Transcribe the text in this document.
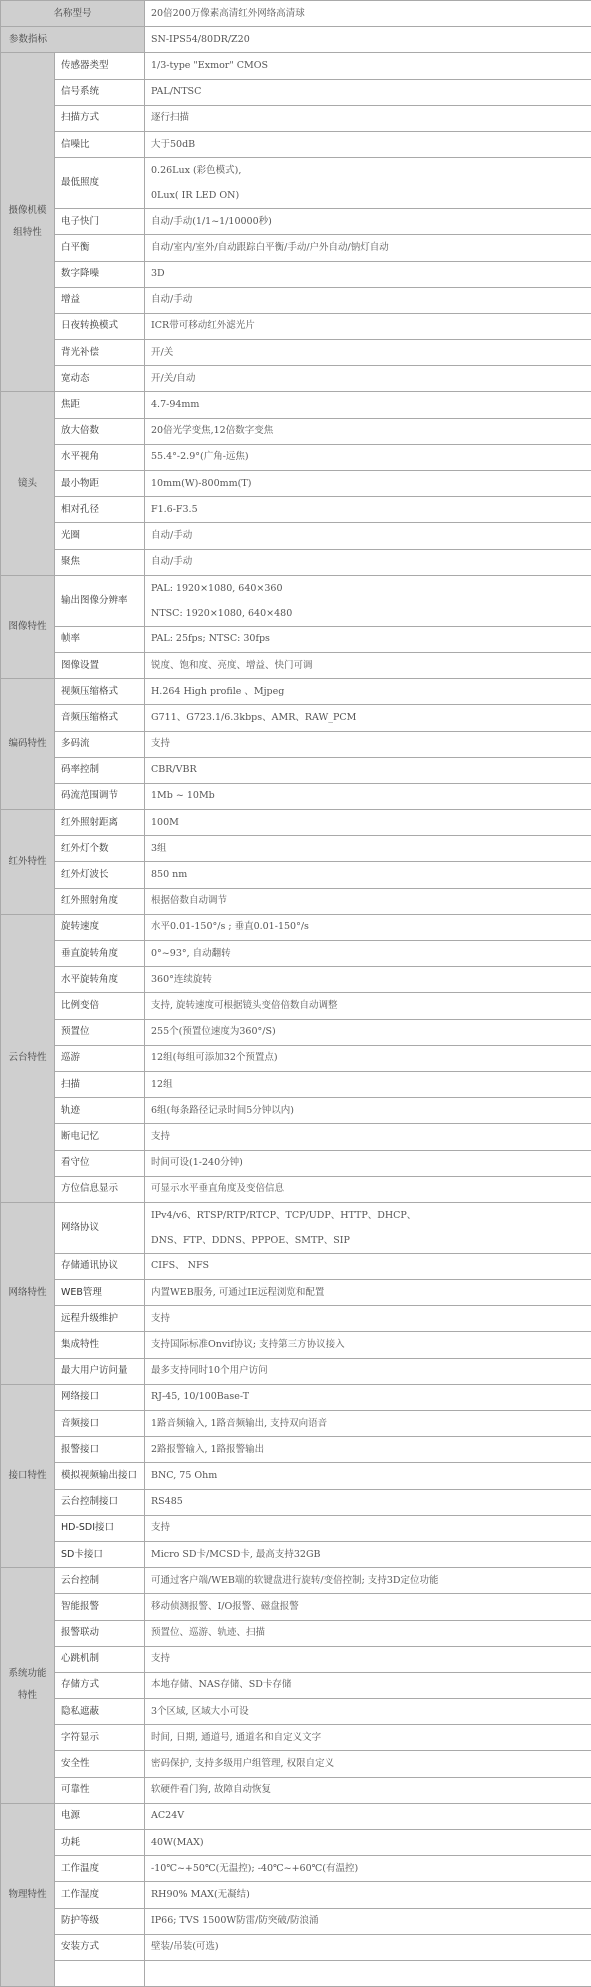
名称型号		20倍200万像素高清红外网络高清球
参数指标		SN-IPS54/80DR/Z20
摄像机模组特性	传感器类型	1/3-type "Exmor" CMOS
	信号系统	PAL/NTSC
	扫描方式	逐行扫描
	信噪比	大于50dB
	最低照度	0.26Lux (彩色模式),
0Lux( IR LED ON)

	电子快门	自动/手动(1/1~1/10000秒)
	白平衡	自动/室内/室外/自动跟踪白平衡/手动/户外自动/钠灯自动
	数字降噪	3D
	增益	自动/手动
	日夜转换模式	ICR带可移动红外滤光片
	背光补偿	开/关
	宽动态	开/关/自动
镜头	焦距	4.7-94mm
	放大倍数	20倍光学变焦,12倍数字变焦
	水平视角	55.4°-2.9°(广角-远焦)
	最小物距	10mm(W)-800mm(T)
	相对孔径	F1.6-F3.5
	光圈	自动/手动
	聚焦	自动/手动
图像特性	输出图像分辨率	PAL: 1920×1080, 640×360
NTSC: 1920×1080, 640×480

	帧率	PAL: 25fps; NTSC: 30fps
	图像设置	锐度、饱和度、亮度、增益、快门可调
编码特性	视频压缩格式	H.264 High profile 、Mjpeg
	音频压缩格式	G711、G723.1/6.3kbps、AMR、RAW_PCM
	多码流	支持
	码率控制	CBR/VBR
	码流范围调节	1Mb ~ 10Mb
红外特性	红外照射距离	100M
	红外灯个数	3组
	红外灯波长	850 nm
	红外照射角度	根据倍数自动调节
云台特性	旋转速度	水平0.01-150°/s ; 垂直0.01-150°/s
	垂直旋转角度	0°~93°, 自动翻转
	水平旋转角度	360°连续旋转
	比例变倍	支持, 旋转速度可根据镜头变倍倍数自动调整
	预置位	255个(预置位速度为360°/S)
	巡游	12组(每组可添加32个预置点)
	扫描	12组
	轨迹	6组(每条路径记录时间5分钟以内)
	断电记忆	支持
	看守位	时间可设(1-240分钟)
	方位信息显示	可显示水平垂直角度及变倍信息
网络特性	网络协议	IPv4/v6、RTSP/RTP/RTCP、TCP/UDP、HTTP、DHCP、
DNS、FTP、DDNS、PPPOE、SMTP、SIP

	存储通讯协议	CIFS、 NFS
	WEB管理	内置WEB服务, 可通过IE远程浏览和配置
	远程升级维护	支持
	集成特性	支持国际标准Onvif协议; 支持第三方协议接入
	最大用户访问量	最多支持同时10个用户访问
接口特性	网络接口	RJ-45, 10/100Base-T
	音频接口	1路音频输入, 1路音频输出, 支持双向语音
	报警接口	2路报警输入, 1路报警输出
	模拟视频输出接口	BNC, 75 Ohm
	云台控制接口	RS485
	HD-SDI接口	支持
	SD卡接口	Micro SD卡/MCSD卡, 最高支持32GB
系统功能特性	云台控制	可通过客户端/WEB端的软键盘进行旋转/变倍控制; 支持3D定位功能
	智能报警	移动侦测报警、I/O报警、磁盘报警
	报警联动	预置位、巡游、轨迹、扫描
	心跳机制	支持
	存储方式	本地存储、NAS存储、SD卡存储
	隐私遮蔽	3个区域, 区域大小可设
	字符显示	时间, 日期, 通道号, 通道名和自定义文字
	安全性	密码保护, 支持多级用户组管理, 权限自定义
	可靠性	软硬件看门狗, 故障自动恢复
物理特性	电源	AC24V
	功耗	40W(MAX)
	工作温度	-10℃~+50℃(无温控); -40℃~+60℃(有温控)
	工作湿度	RH90% MAX(无凝结)
	防护等级	IP66; TVS 1500W防雷/防突破/防浪涌
	安装方式	壁装/吊装(可选)
